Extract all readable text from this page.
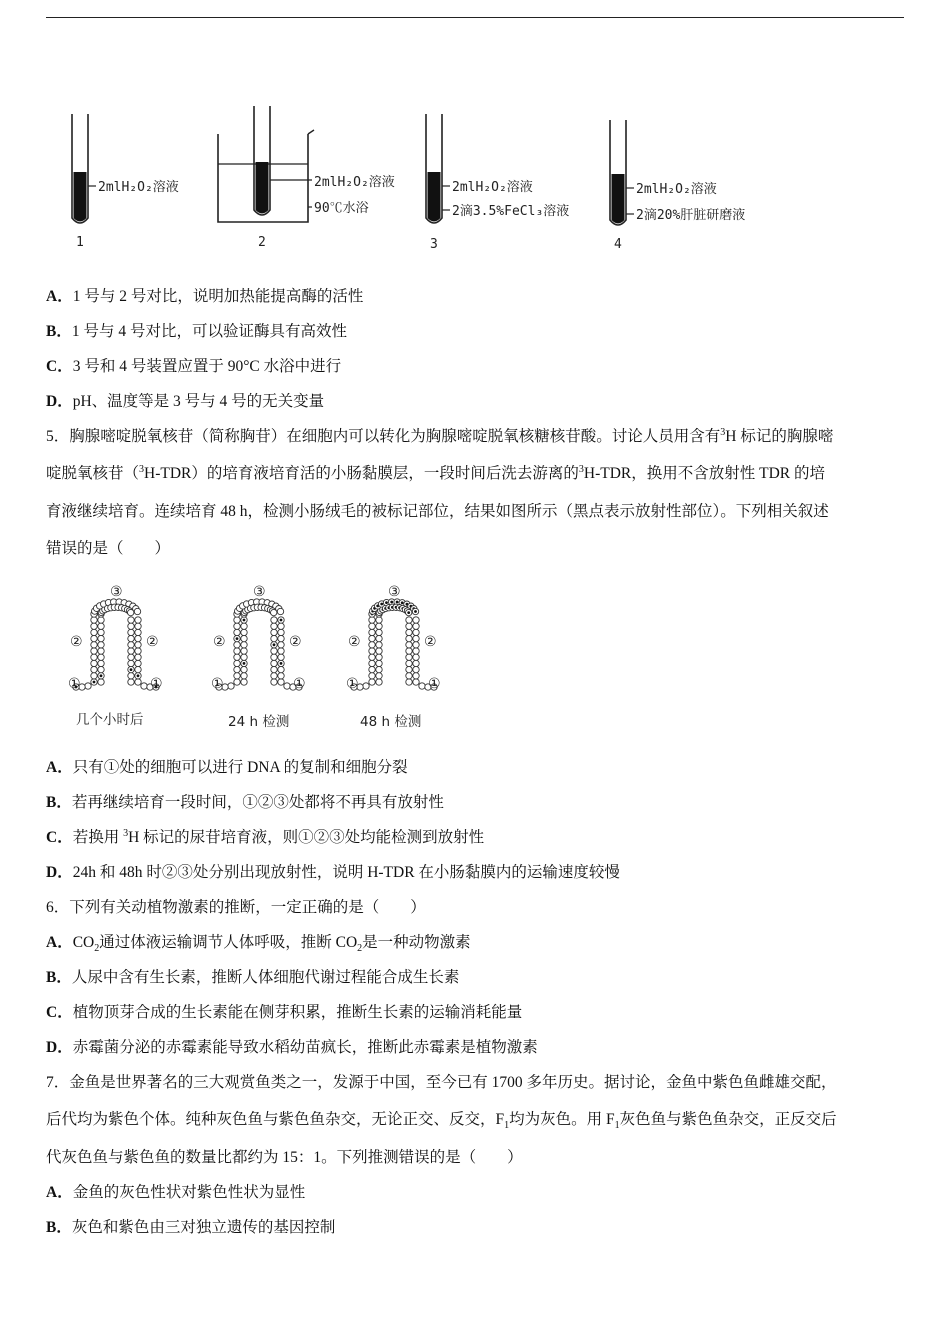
2mlH₂O₂溶液
1
2mlH₂O₂溶液
90℃水浴
2
2mlH₂O₂溶液
2滴3.5%FeCl₃溶液
3
2mlH₂O₂溶液
2滴20%肝脏研磨液
4
A．1 号与 2 号对比，说明加热能提高酶的活性
B．1 号与 4 号对比，可以验证酶具有高效性
C．3 号和 4 号装置应置于 90°C 水浴中进行
D．pH、温度等是 3 号与 4 号的无关变量
5．胸腺嘧啶脱氧核苷（简称胸苷）在细胞内可以转化为胸腺嘧啶脱氧核糖核苷酸。讨论人员用含有$^3$H 标记的胸腺嘧
啶脱氧核苷（$^3$H-TDR）的培育液培育活的小肠黏膜层，一段时间后洗去游离的$^3$H-TDR，换用不含放射性 TDR 的培
育液继续培育。连续培育 48 h，检测小肠绒毛的被标记部位，结果如图所示（黑点表示放射性部位）。下列相关叙述
错误的是（　　）
③
②	②
①	①
③
②	②
①	①
③
②	②
①	①
几个小时后	24 h 检测	48 h 检测
A．只有①处的细胞可以进行 DNA 的复制和细胞分裂
B．若再继续培育一段时间，①②③处都将不再具有放射性
C．若换用 $^3$H 标记的尿苷培育液，则①②③处均能检测到放射性
D．24h 和 48h 时②③处分别出现放射性，说明 H-TDR 在小肠黏膜内的运输速度较慢
6．下列有关动植物激素的推断，一定正确的是（　　）
A．$CO_2$通过体液运输调节人体呼吸，推断 $CO_2$是一种动物激素
B．人尿中含有生长素，推断人体细胞代谢过程能合成生长素
C．植物顶芽合成的生长素能在侧芽积累，推断生长素的运输消耗能量
D．赤霉菌分泌的赤霉素能导致水稻幼苗疯长，推断此赤霉素是植物激素
7．金鱼是世界著名的三大观赏鱼类之一，发源于中国，至今已有 1700 多年历史。据讨论，金鱼中紫色鱼雌雄交配，
后代均为紫色个体。纯种灰色鱼与紫色鱼杂交，无论正交、反交，$F_1$均为灰色。用 $F_1$灰色鱼与紫色鱼杂交，正反交后
代灰色鱼与紫色鱼的数量比都约为 15：1。下列推测错误的是（　　）
A．金鱼的灰色性状对紫色性状为显性
B．灰色和紫色由三对独立遗传的基因控制
